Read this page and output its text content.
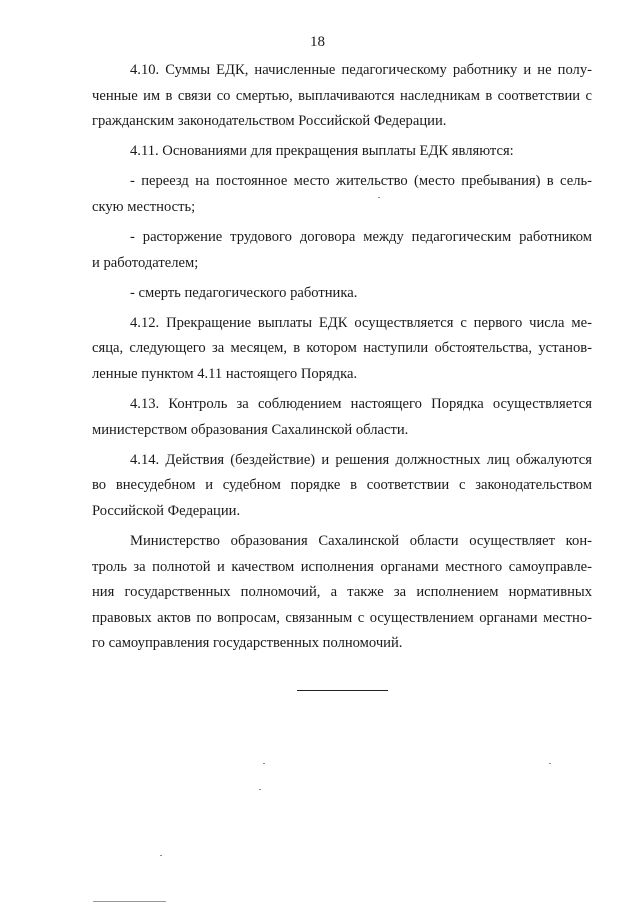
18

4.10. Суммы ЕДК, начисленные педагогическому работнику и не полу-
ченные им в связи со смертью, выплачиваются наследникам в соответствии с
гражданским законодательством Российской Федерации.

4.11. Основаниями для прекращения выплаты ЕДК являются:

- переезд на постоянное место жительство (место пребывания) в сель-
скую местность;

- расторжение трудового договора между педагогическим работником
и работодателем;

- смерть педагогического работника.

4.12. Прекращение выплаты ЕДК осуществляется с первого числа ме-
сяца, следующего за месяцем, в котором наступили обстоятельства, установ-
ленные пунктом 4.11 настоящего Порядка.

4.13. Контроль за соблюдением настоящего Порядка осуществляется
министерством образования Сахалинской области.

4.14. Действия (бездействие) и решения должностных лиц обжалуются
во внесудебном и судебном порядке в соответствии с законодательством
Российской Федерации.

Министерство образования Сахалинской области осуществляет кон-
троль за полнотой и качеством исполнения органами местного самоуправле-
ния государственных полномочий, а также за исполнением нормативных
правовых актов по вопросам, связанным с осуществлением органами местно-
го самоуправления государственных полномочий.
